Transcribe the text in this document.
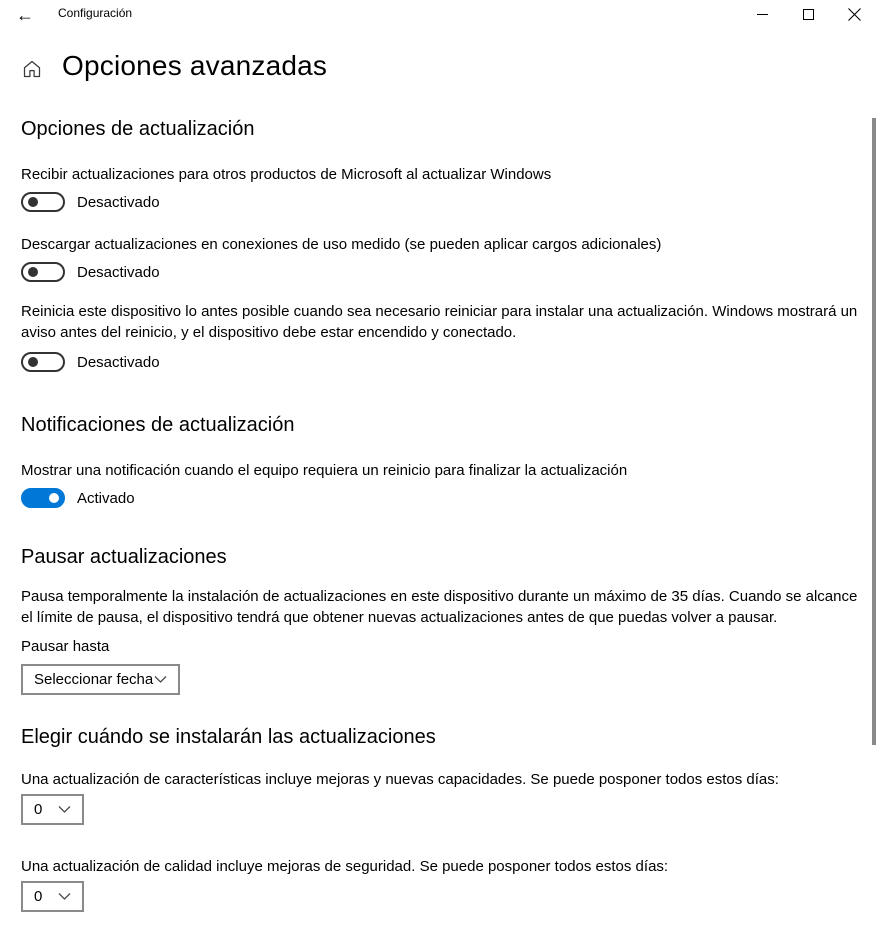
← Configuración
Opciones avanzadas
Opciones de actualización
Recibir actualizaciones para otros productos de Microsoft al actualizar Windows
Desactivado
Descargar actualizaciones en conexiones de uso medido (se pueden aplicar cargos adicionales)
Desactivado
Reinicia este dispositivo lo antes posible cuando sea necesario reiniciar para instalar una actualización. Windows mostrará un aviso antes del reinicio, y el dispositivo debe estar encendido y conectado.
Desactivado
Notificaciones de actualización
Mostrar una notificación cuando el equipo requiera un reinicio para finalizar la actualización
Activado
Pausar actualizaciones
Pausa temporalmente la instalación de actualizaciones en este dispositivo durante un máximo de 35 días. Cuando se alcance el límite de pausa, el dispositivo tendrá que obtener nuevas actualizaciones antes de que puedas volver a pausar.
Pausar hasta
Seleccionar fecha
Elegir cuándo se instalarán las actualizaciones
Una actualización de características incluye mejoras y nuevas capacidades. Se puede posponer todos estos días:
0
Una actualización de calidad incluye mejoras de seguridad. Se puede posponer todos estos días:
0
